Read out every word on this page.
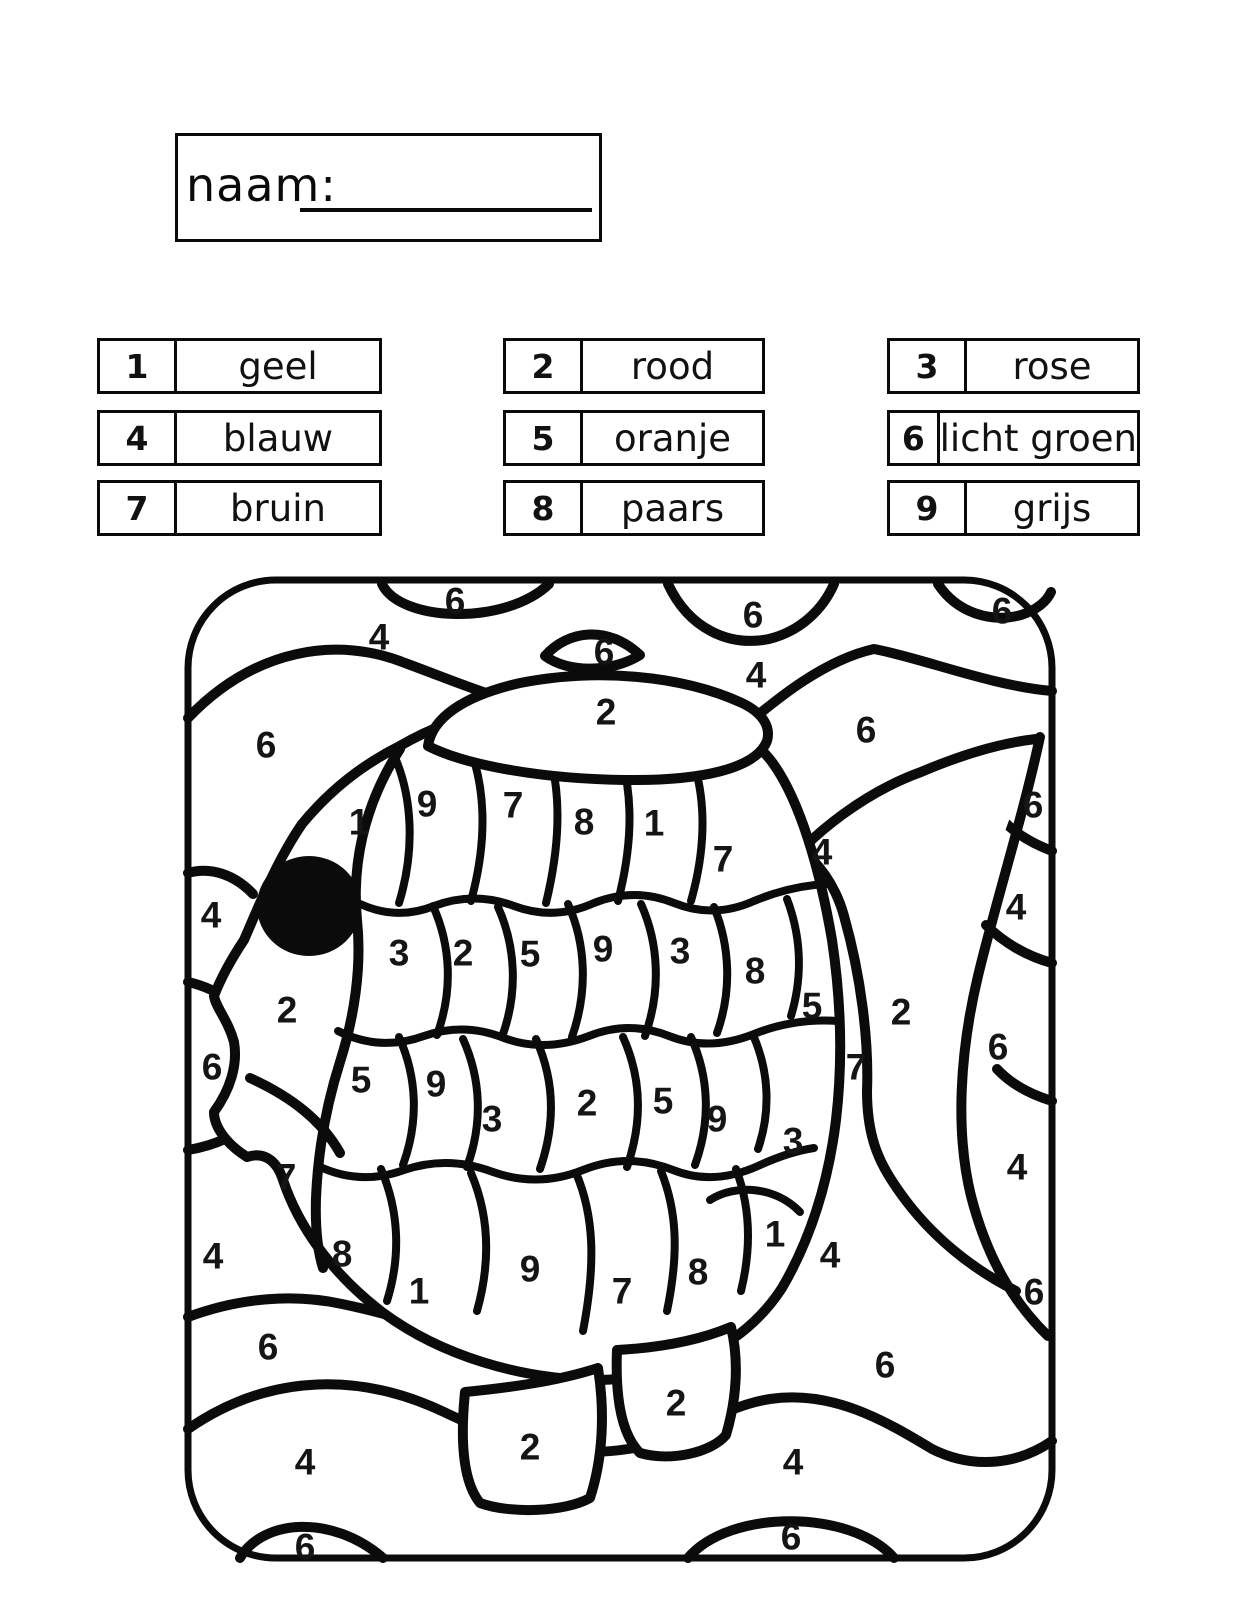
naam:
1	geel	2	rood	3	rose
4	blauw	5	oranje	6 licht groen
7	bruin	8	paars	9	grijs
6
4	6
2
6
4
6
6
6
4
2
6
7
4
6
4
6
2
2
4
6
6
6
4
6
4
6
2
7
4
1
4
1 9 7 8 1
7
3 2 5 9 3 8
5
5 9
3 2 5 9
3
8
1
9
7 8
